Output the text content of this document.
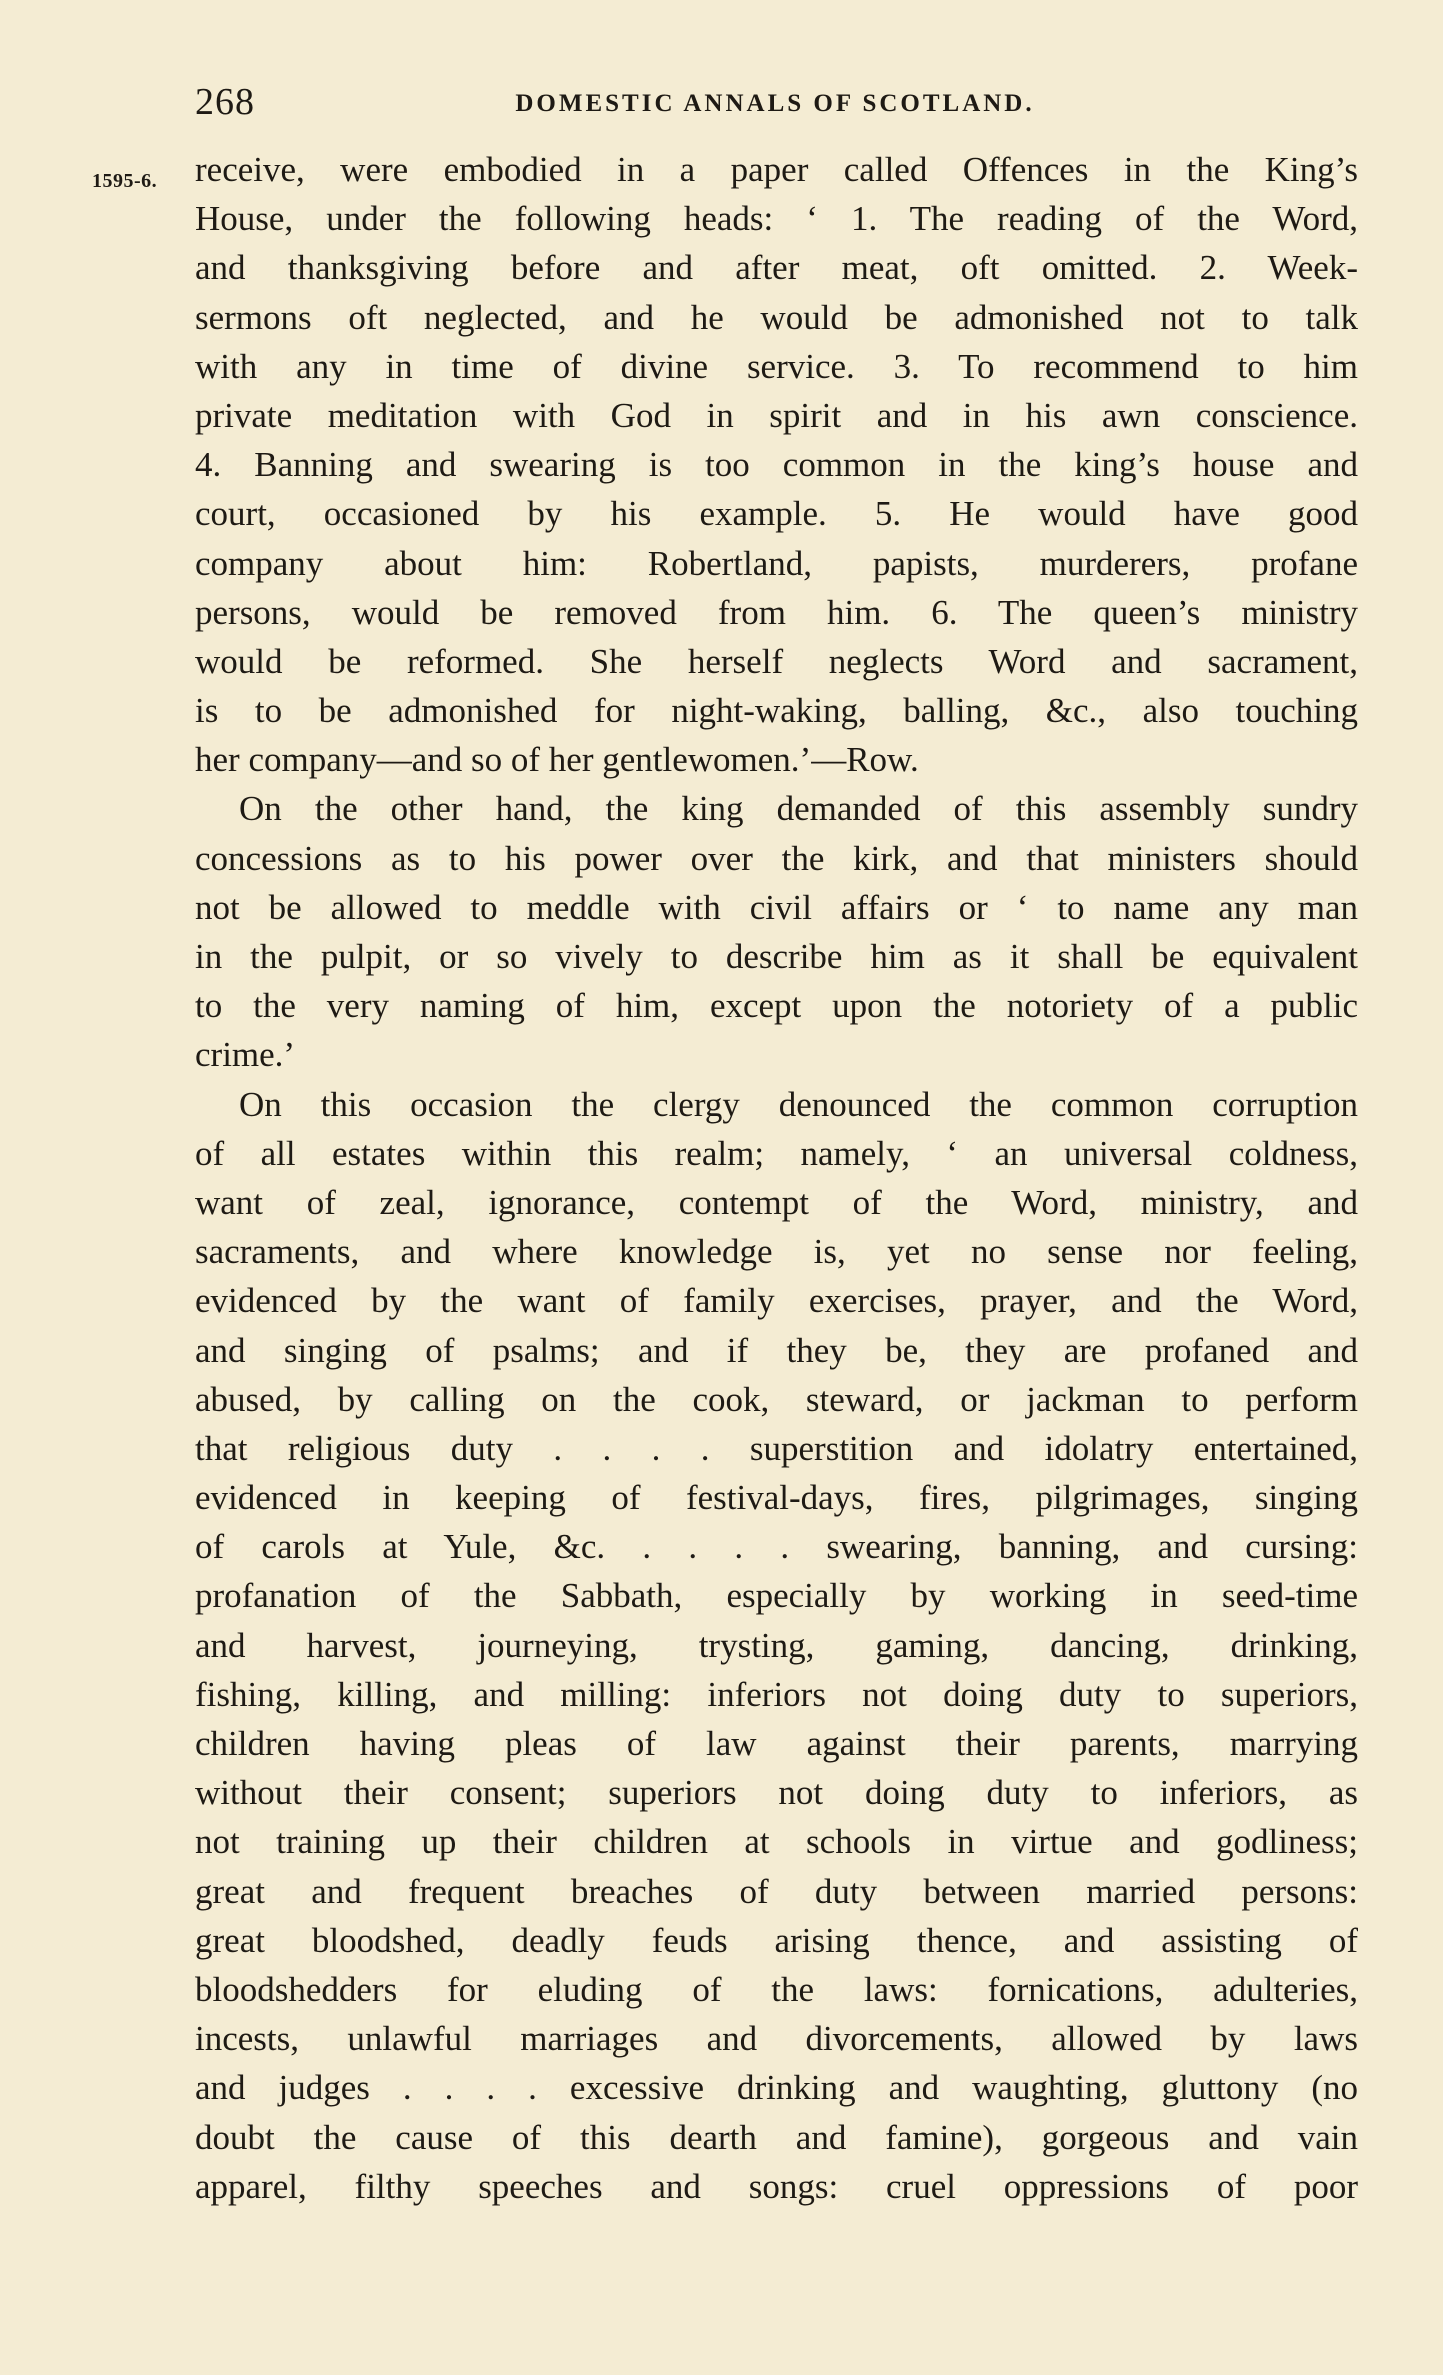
268	DOMESTIC ANNALS OF SCOTLAND.
1595-6. receive, were embodied in a paper called Offences in the King’s
House, under the following heads: ‘ 1. The reading of the Word,
and thanksgiving before and after meat, oft omitted. 2. Week-
sermons oft neglected, and he would be admonished not to talk
with any in time of divine service. 3. To recommend to him
private meditation with God in spirit and in his awn conscience.
4. Banning and swearing is too common in the king’s house and
court, occasioned by his example. 5. He would have good
company about him: Robertland, papists, murderers, profane
persons, would be removed from him. 6. The queen’s ministry
would be reformed. She herself neglects Word and sacrament,
is to be admonished for night-waking, balling, &c., also touching
her company—and so of her gentlewomen.’—Row.
On the other hand, the king demanded of this assembly sundry
concessions as to his power over the kirk, and that ministers should
not be allowed to meddle with civil affairs or ‘ to name any man
in the pulpit, or so vively to describe him as it shall be equivalent
to the very naming of him, except upon the notoriety of a public
crime.’
On this occasion the clergy denounced the common corruption
of all estates within this realm; namely, ‘ an universal coldness,
want of zeal, ignorance, contempt of the Word, ministry, and
sacraments, and where knowledge is, yet no sense nor feeling,
evidenced by the want of family exercises, prayer, and the Word,
and singing of psalms; and if they be, they are profaned and
abused, by calling on the cook, steward, or jackman to perform
that religious duty . . . . superstition and idolatry entertained,
evidenced in keeping of festival-days, fires, pilgrimages, singing
of carols at Yule, &c. . . . . swearing, banning, and cursing:
profanation of the Sabbath, especially by working in seed-time
and harvest, journeying, trysting, gaming, dancing, drinking,
fishing, killing, and milling: inferiors not doing duty to superiors,
children having pleas of law against their parents, marrying
without their consent; superiors not doing duty to inferiors, as
not training up their children at schools in virtue and godliness;
great and frequent breaches of duty between married persons:
great bloodshed, deadly feuds arising thence, and assisting of
bloodshedders for eluding of the laws: fornications, adulteries,
incests, unlawful marriages and divorcements, allowed by laws
and judges . . . . excessive drinking and waughting, gluttony (no
doubt the cause of this dearth and famine), gorgeous and vain
apparel, filthy speeches and songs: cruel oppressions of poor
